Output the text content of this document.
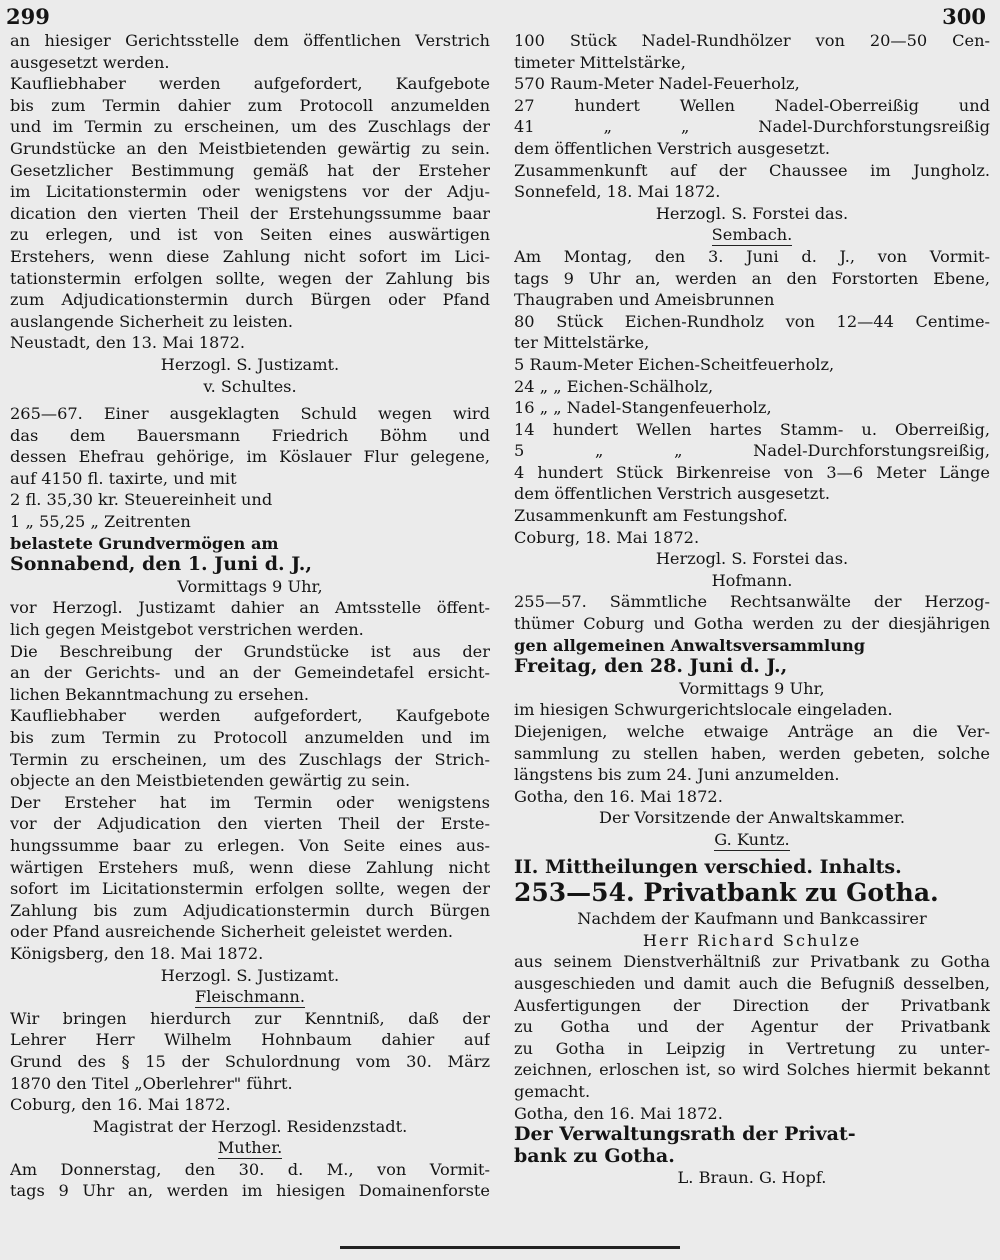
299	300
an hiesiger Gerichtsstelle dem öffentlichen Verstrich
ausgesetzt werden.
Kaufliebhaber werden aufgefordert, Kaufgebote
bis zum Termin dahier zum Protocoll anzumelden
und im Termin zu erscheinen, um des Zuschlags der
Grundstücke an den Meistbietenden gewärtig zu sein.
Gesetzlicher Bestimmung gemäß hat der Ersteher
im Licitationstermin oder wenigstens vor der Adju-
dication den vierten Theil der Erstehungssumme baar
zu erlegen, und ist von Seiten eines auswärtigen
Erstehers, wenn diese Zahlung nicht sofort im Lici-
tationstermin erfolgen sollte, wegen der Zahlung bis
zum Adjudicationstermin durch Bürgen oder Pfand
auslangende Sicherheit zu leisten.
Neustadt, den 13. Mai 1872.
Herzogl. S. Justizamt.
v. Schultes.
265—67. Einer ausgeklagten Schuld wegen wird
das dem Bauersmann Friedrich Böhm und
dessen Ehefrau gehörige, im Köslauer Flur gelegene,
auf 4150 fl. taxirte, und mit
2 fl. 35,30 kr. Steuereinheit und
1 „ 55,25 „ Zeitrenten
belastete Grundvermögen am
Sonnabend, den 1. Juni d. J.,
Vormittags 9 Uhr,
vor Herzogl. Justizamt dahier an Amtsstelle öffent-
lich gegen Meistgebot verstrichen werden.
Die Beschreibung der Grundstücke ist aus der
an der Gerichts- und an der Gemeindetafel ersicht-
lichen Bekanntmachung zu ersehen.
Kaufliebhaber werden aufgefordert, Kaufgebote
bis zum Termin zu Protocoll anzumelden und im
Termin zu erscheinen, um des Zuschlags der Strich-
objecte an den Meistbietenden gewärtig zu sein.
Der Ersteher hat im Termin oder wenigstens
vor der Adjudication den vierten Theil der Erste-
hungssumme baar zu erlegen. Von Seite eines aus-
wärtigen Erstehers muß, wenn diese Zahlung nicht
sofort im Licitationstermin erfolgen sollte, wegen der
Zahlung bis zum Adjudicationstermin durch Bürgen
oder Pfand ausreichende Sicherheit geleistet werden.
Königsberg, den 18. Mai 1872.
Herzogl. S. Justizamt.
Fleischmann.
Wir bringen hierdurch zur Kenntniß, daß der
Lehrer Herr Wilhelm Hohnbaum dahier auf
Grund des § 15 der Schulordnung vom 30. März
1870 den Titel „Oberlehrer" führt.
Coburg, den 16. Mai 1872.
Magistrat der Herzogl. Residenzstadt.
Muther.
Am Donnerstag, den 30. d. M., von Vormit-
tags 9 Uhr an, werden im hiesigen Domainenforste
100 Stück Nadel-Rundhölzer von 20—50 Cen-
timeter Mittelstärke,
570 Raum-Meter Nadel-Feuerholz,
27 hundert Wellen Nadel-Oberreißig und
41 „ „ Nadel-Durchforstungsreißig
dem öffentlichen Verstrich ausgesetzt.
Zusammenkunft auf der Chaussee im Jungholz.
Sonnefeld, 18. Mai 1872.
Herzogl. S. Forstei das.
Sembach.
Am Montag, den 3. Juni d. J., von Vormit-
tags 9 Uhr an, werden an den Forstorten Ebene,
Thaugraben und Ameisbrunnen
80 Stück Eichen-Rundholz von 12—44 Centime-
ter Mittelstärke,
5 Raum-Meter Eichen-Scheitfeuerholz,
24 „ „ Eichen-Schälholz,
16 „ „ Nadel-Stangenfeuerholz,
14 hundert Wellen hartes Stamm- u. Oberreißig,
5 „ „ Nadel-Durchforstungsreißig,
4 hundert Stück Birkenreise von 3—6 Meter Länge
dem öffentlichen Verstrich ausgesetzt.
Zusammenkunft am Festungshof.
Coburg, 18. Mai 1872.
Herzogl. S. Forstei das.
Hofmann.
255—57. Sämmtliche Rechtsanwälte der Herzog-
thümer Coburg und Gotha werden zu der diesjährigen
gen allgemeinen Anwaltsversammlung
Freitag, den 28. Juni d. J.,
Vormittags 9 Uhr,
im hiesigen Schwurgerichtslocale eingeladen.
Diejenigen, welche etwaige Anträge an die Ver-
sammlung zu stellen haben, werden gebeten, solche
längstens bis zum 24. Juni anzumelden.
Gotha, den 16. Mai 1872.
Der Vorsitzende der Anwaltskammer.
G. Kuntz.
II. Mittheilungen verschied. Inhalts.
253—54. Privatbank zu Gotha.
Nachdem der Kaufmann und Bankcassirer
Herr Richard Schulze
aus seinem Dienstverhältniß zur Privatbank zu Gotha
ausgeschieden und damit auch die Befugniß desselben,
Ausfertigungen der Direction der Privatbank
zu Gotha und der Agentur der Privatbank
zu Gotha in Leipzig in Vertretung zu unter-
zeichnen, erloschen ist, so wird Solches hiermit bekannt
gemacht.
Gotha, den 16. Mai 1872.
Der Verwaltungsrath der Privat-
bank zu Gotha.
L. Braun. G. Hopf.
